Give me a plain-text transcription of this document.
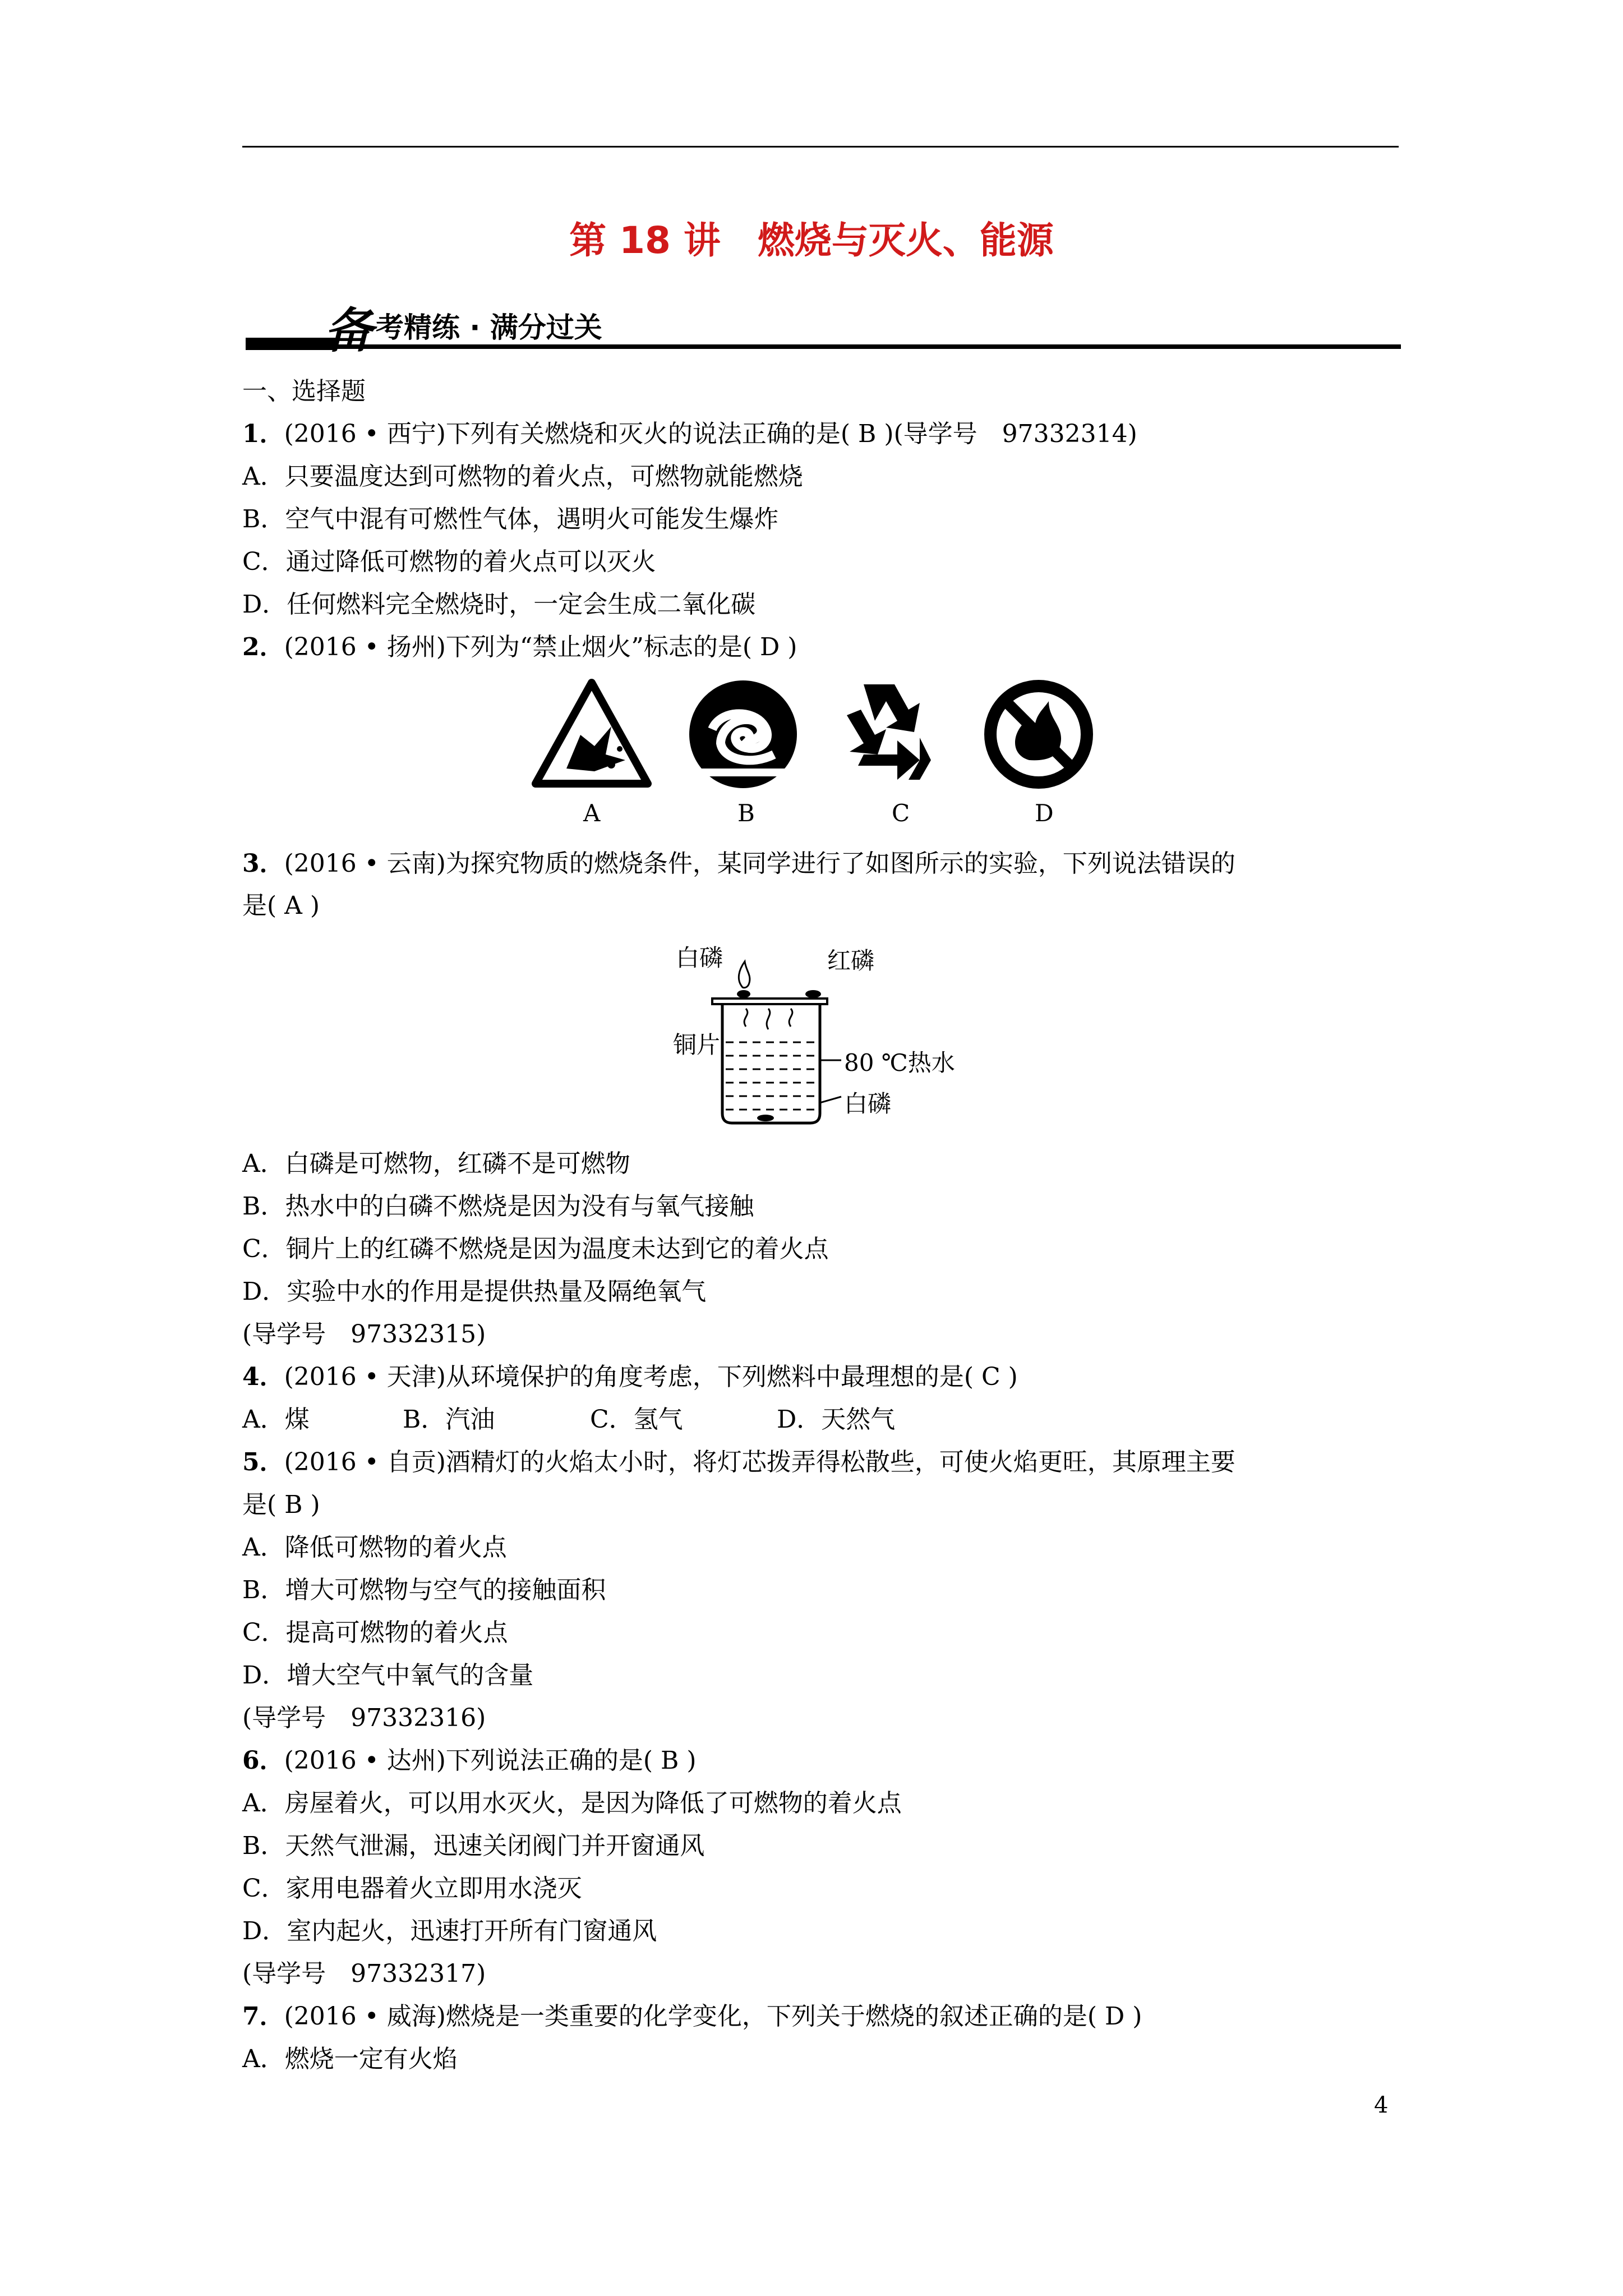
第 18 讲 燃烧与灭火、能源
备 考精练 · 满分过关
一、选择题
1．(2016 • 西宁)下列有关燃烧和灭火的说法正确的是( B )(导学号　97332314)
A．只要温度达到可燃物的着火点，可燃物就能燃烧
B．空气中混有可燃性气体，遇明火可能发生爆炸
C．通过降低可燃物的着火点可以灭火
D．任何燃料完全燃烧时，一定会生成二氧化碳
2．(2016 • 扬州)下列为“禁止烟火”标志的是( D )
A	B	C	D
3．(2016 • 云南)为探究物质的燃烧条件，某同学进行了如图所示的实验，下列说法错误的
是( A )
白磷	红磷
铜片
80 ℃热水
白磷
A．白磷是可燃物，红磷不是可燃物
B．热水中的白磷不燃烧是因为没有与氧气接触
C．铜片上的红磷不燃烧是因为温度未达到它的着火点
D．实验中水的作用是提供热量及隔绝氧气
(导学号　97332315)
4．(2016 • 天津)从环境保护的角度考虑，下列燃料中最理想的是( C )
A．煤	B．汽油	C．氢气	D．天然气
5．(2016 • 自贡)酒精灯的火焰太小时，将灯芯拨弄得松散些，可使火焰更旺，其原理主要
是( B )
A．降低可燃物的着火点
B．增大可燃物与空气的接触面积
C．提高可燃物的着火点
D．增大空气中氧气的含量
(导学号　97332316)
6．(2016 • 达州)下列说法正确的是( B )
A．房屋着火，可以用水灭火，是因为降低了可燃物的着火点
B．天然气泄漏，迅速关闭阀门并开窗通风
C．家用电器着火立即用水浇灭
D．室内起火，迅速打开所有门窗通风
(导学号　97332317)
7．(2016 • 威海)燃烧是一类重要的化学变化，下列关于燃烧的叙述正确的是( D )
A．燃烧一定有火焰
4
